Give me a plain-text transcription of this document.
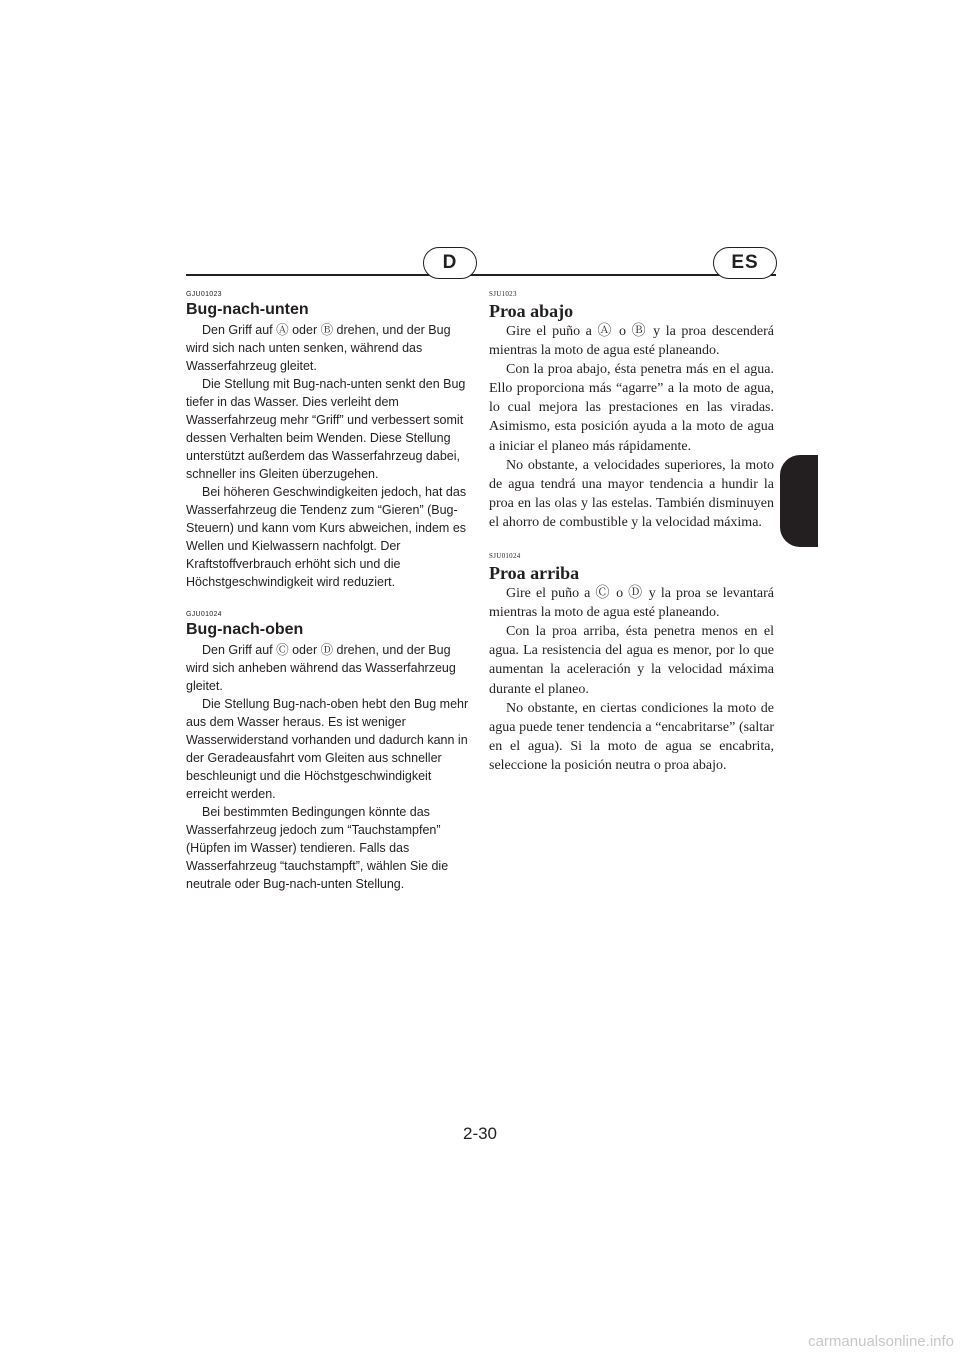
D	ES

GJU01023

Bug-nach-unten

Den Griff auf Ⓐ oder Ⓑ drehen, und der Bug wird sich nach unten senken, während das Wasserfahrzeug gleitet.

Die Stellung mit Bug-nach-unten senkt den Bug tiefer in das Wasser. Dies verleiht dem Wasserfahrzeug mehr “Griff” und verbessert somit dessen Verhalten beim Wenden. Diese Stellung unterstützt außerdem das Wasserfahrzeug dabei, schneller ins Gleiten überzugehen.

Bei höheren Geschwindigkeiten jedoch, hat das Wasserfahrzeug die Tendenz zum “Gieren” (Bug-Steuern) und kann vom Kurs abweichen, indem es Wellen und Kielwassern nachfolgt. Der Kraftstoffverbrauch erhöht sich und die Höchstgeschwindigkeit wird reduziert.

GJU01024

Bug-nach-oben

Den Griff auf Ⓒ oder Ⓓ drehen, und der Bug wird sich anheben während das Wasserfahrzeug gleitet.

Die Stellung Bug-nach-oben hebt den Bug mehr aus dem Wasser heraus. Es ist weniger Wasserwiderstand vorhanden und dadurch kann in der Geradeausfahrt vom Gleiten aus schneller beschleunigt und die Höchstgeschwindigkeit erreicht werden.

Bei bestimmten Bedingungen könnte das Wasserfahrzeug jedoch zum “Tauchstampfen” (Hüpfen im Wasser) tendieren. Falls das Wasserfahrzeug “tauchstampft”, wählen Sie die neutrale oder Bug-nach-unten Stellung.

SJU1023

Proa abajo

Gire el puño a Ⓐ o Ⓑ y la proa descenderá mientras la moto de agua esté planeando.

Con la proa abajo, ésta penetra más en el agua. Ello proporciona más “agarre” a la moto de agua, lo cual mejora las prestaciones en las viradas. Asimismo, esta posición ayuda a la moto de agua a iniciar el planeo más rápidamente.

No obstante, a velocidades superiores, la moto de agua tendrá una mayor tendencia a hundir la proa en las olas y las estelas. También disminuyen el ahorro de combustible y la velocidad máxima.

SJU01024

Proa arriba

Gire el puño a Ⓒ o Ⓓ y la proa se levantará mientras la moto de agua esté planeando.

Con la proa arriba, ésta penetra menos en el agua. La resistencia del agua es menor, por lo que aumentan la aceleración y la velocidad máxima durante el planeo.

No obstante, en ciertas condiciones la moto de agua puede tener tendencia a “encabritarse” (saltar en el agua). Si la moto de agua se encabrita, seleccione la posición neutra o proa abajo.

2-30
carmanualsonline.info
